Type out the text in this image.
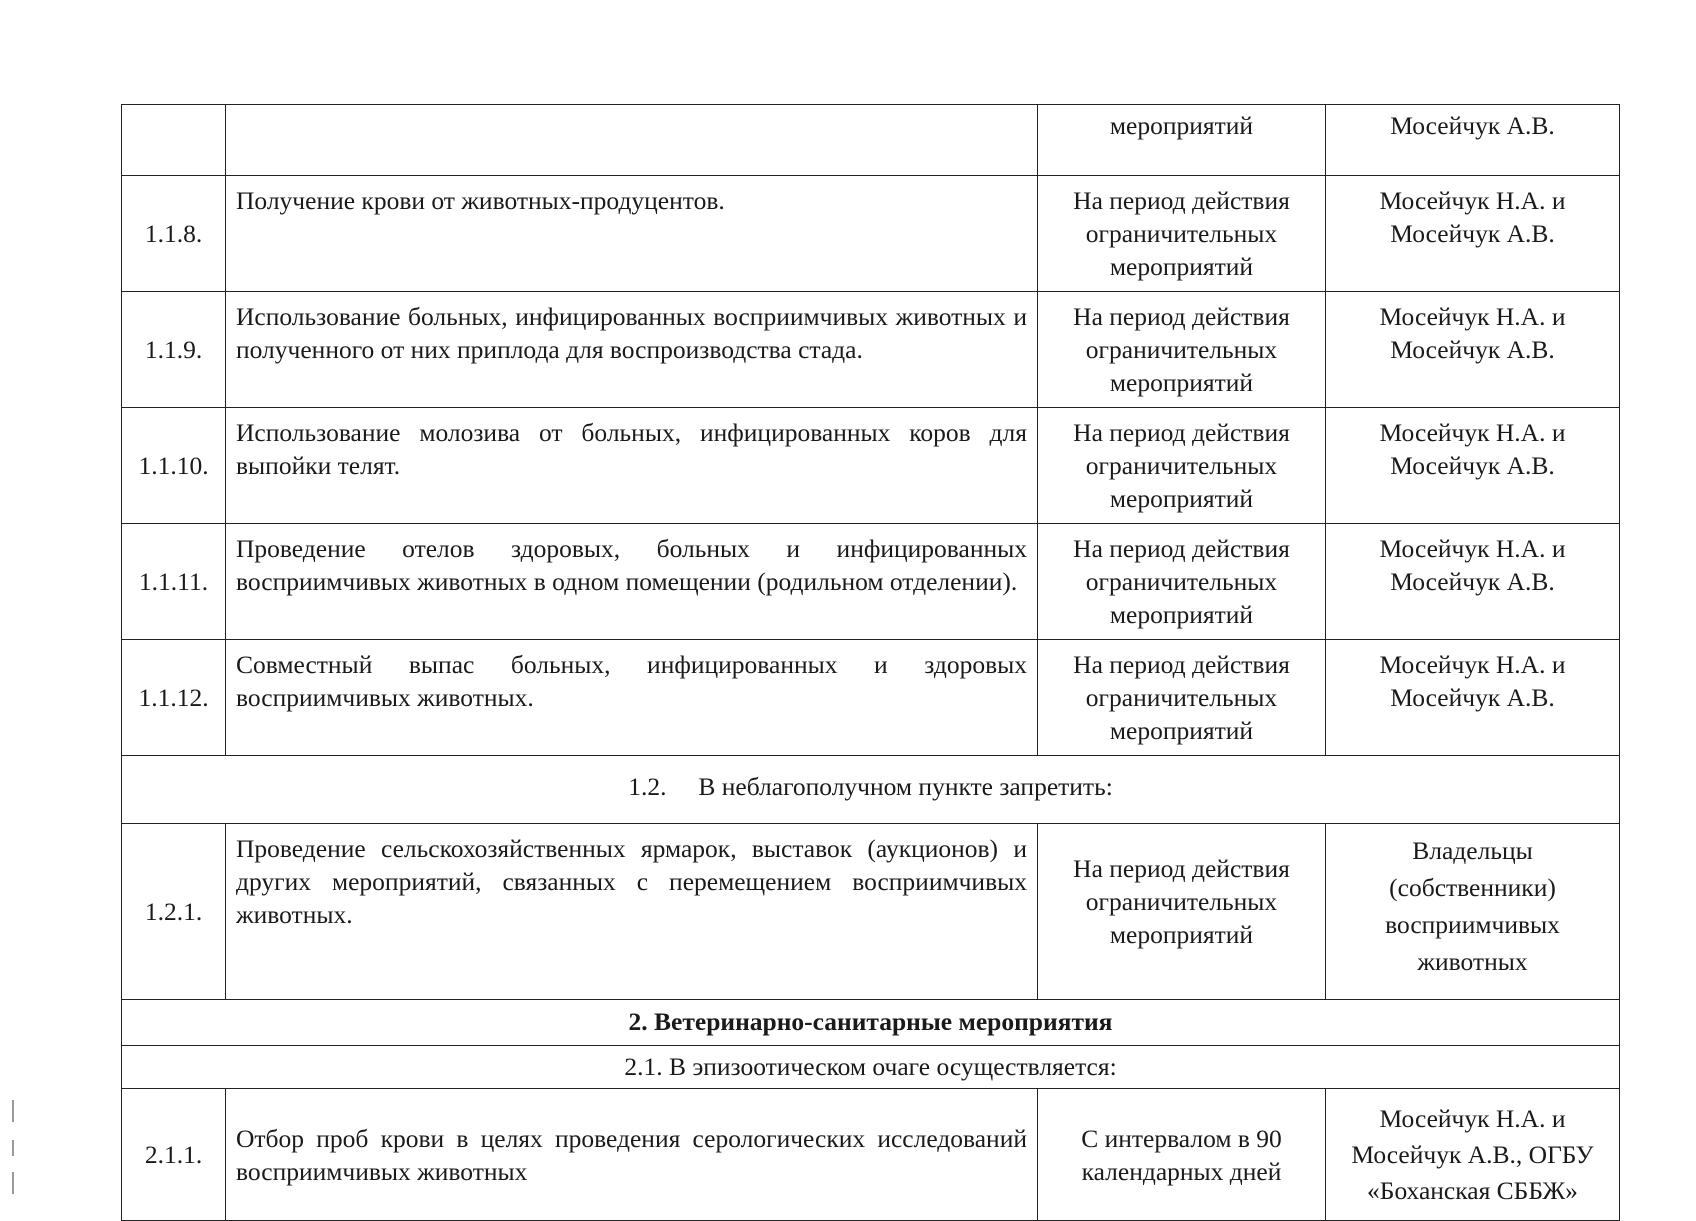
		мероприятий	Мосейчук А.В.
1.1.8.	Получение крови от животных-продуцентов.	На период действия ограничительных мероприятий	Мосейчук Н.А. и Мосейчук А.В.
1.1.9.	Использование больных, инфицированных восприимчивых животных и полученного от них приплода для воспроизводства стада.	На период действия ограничительных мероприятий	Мосейчук Н.А. и Мосейчук А.В.
1.1.10.	Использование молозива от больных, инфицированных коров для выпойки телят.	На период действия ограничительных мероприятий	Мосейчук Н.А. и Мосейчук А.В.
1.1.11.	Проведение отелов здоровых, больных и инфицированных восприимчивых животных в одном помещении (родильном отделении).	На период действия ограничительных мероприятий	Мосейчук Н.А. и Мосейчук А.В.
1.1.12.	Совместный выпас больных, инфицированных и здоровых восприимчивых животных.	На период действия ограничительных мероприятий	Мосейчук Н.А. и Мосейчук А.В.
1.2.     В неблагополучном пункте запретить:			
1.2.1.	Проведение сельскохозяйственных ярмарок, выставок (аукционов) и других мероприятий, связанных с перемещением восприимчивых животных.	На период действия ограничительных мероприятий	Владельцы (собственники) восприимчивых животных
2. Ветеринарно-санитарные мероприятия			
2.1. В эпизоотическом очаге осуществляется:			
2.1.1.	Отбор проб крови в целях проведения серологических исследований восприимчивых животных	С интервалом в 90 календарных дней	Мосейчук Н.А. и Мосейчук А.В., ОГБУ «Боханская СББЖ»
